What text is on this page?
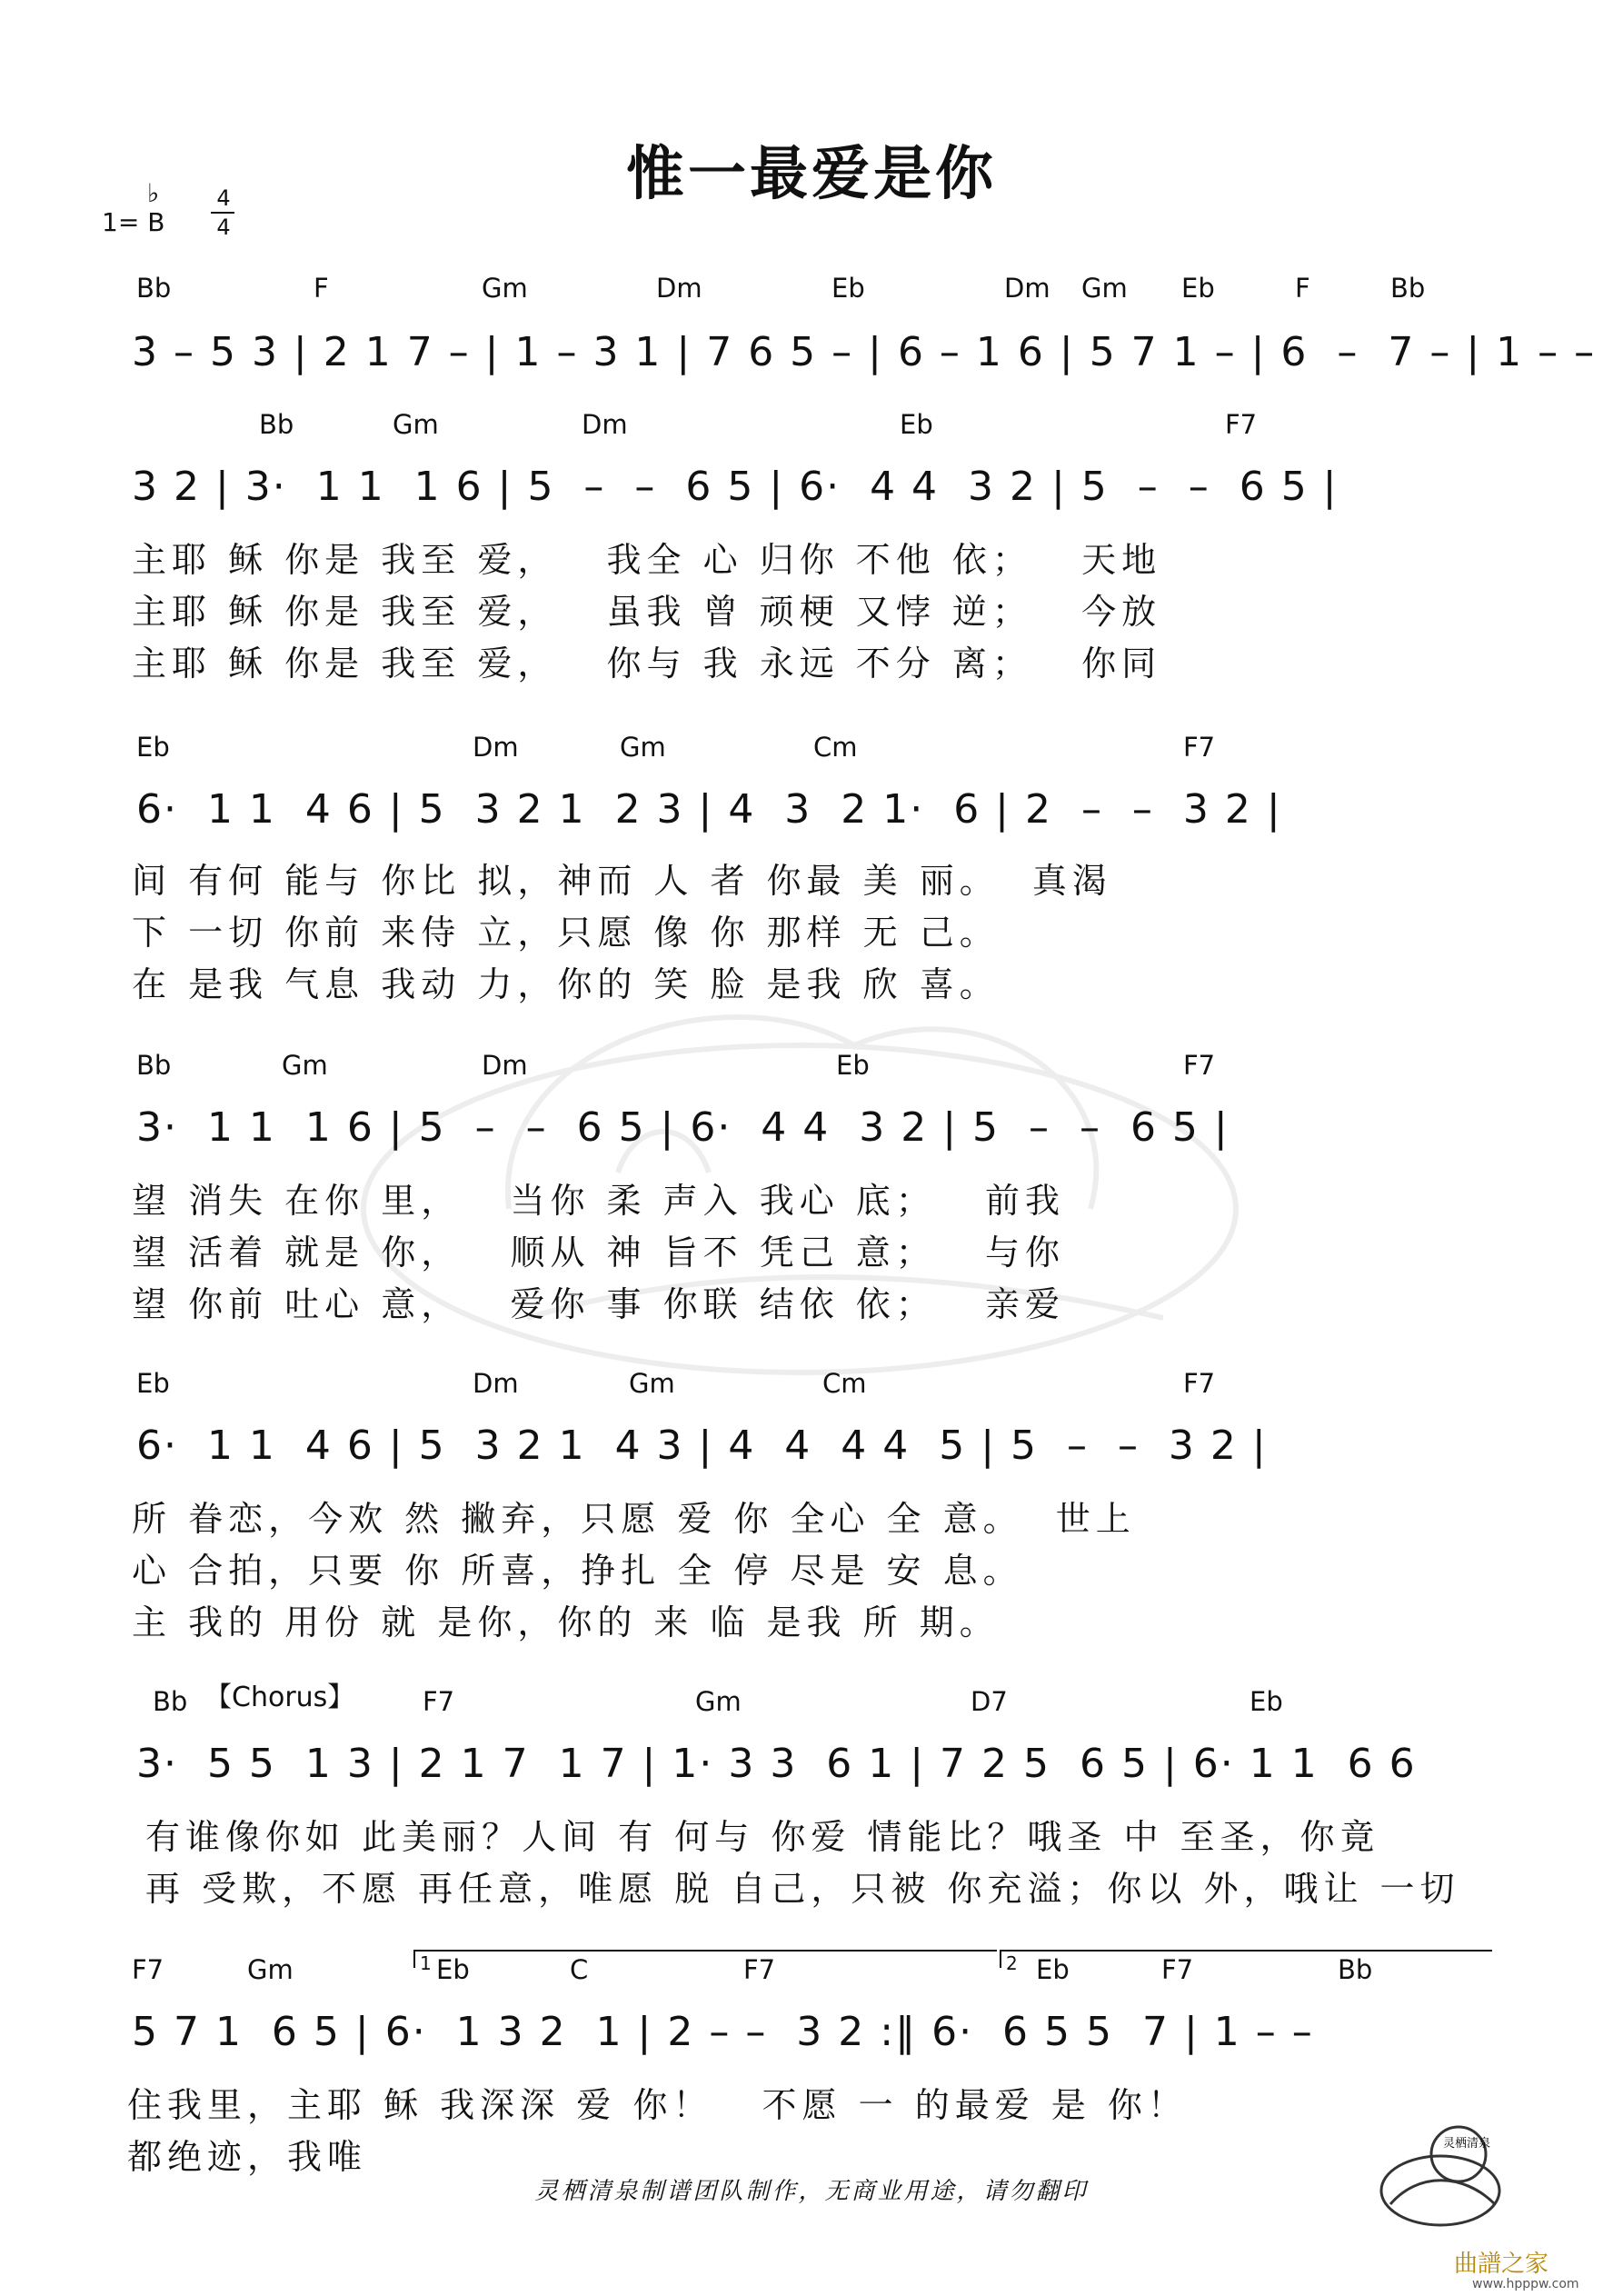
惟一最爱是你
1= B
♭	4
4
Bb	F	Gm	Dm	Eb	Dm Gm Eb	F	Bb
3 – 5 3 | 2 1 7 – | 1 – 3 1 | 7 6 5 – | 6 – 1 6 | 5 7 1 – | 6  –  7 – | 1 – –
Bb	Gm	Dm	Eb	F7
3 2 | 3·  1 1  1 6 | 5  –  –  6 5 | 6·  4 4  3 2 | 5  –  –  6 5 |
主耶 稣 你是 我至 爱，   我全 心 归你 不他 依；   天地
主耶 稣 你是 我至 爱，   虽我 曾 顽梗 又悖 逆；   今放
主耶 稣 你是 我至 爱，   你与 我 永远 不分 离；   你同
Eb	Dm	Gm	Cm	F7
6·  1 1  4 6 | 5  3 2 1  2 3 | 4  3  2 1·  6 | 2  –  –  3 2 |
间 有何 能与 你比 拟，神而 人 者 你最 美 丽。  真渴
下 一切 你前 来侍 立，只愿 像 你 那样 无 己。
在 是我 气息 我动 力，你的 笑 脸 是我 欣 喜。
Bb	Gm	Dm	Eb	F7
3·  1 1  1 6 | 5  –  –  6 5 | 6·  4 4  3 2 | 5  –  –  6 5 |
望 消失 在你 里，   当你 柔 声入 我心 底；   前我
望 活着 就是 你，   顺从 神 旨不 凭己 意；   与你
望 你前 吐心 意，   爱你 事 你联 结依 依；   亲爱
Eb	Dm	Gm	Cm	F7
6·  1 1  4 6 | 5  3 2 1  4 3 | 4  4  4 4  5 | 5  –  –  3 2 |
所 眷恋，今欢 然 撇弃，只愿 爱 你 全心 全 意。  世上
心 合拍，只要 你 所喜，挣扎 全 停 尽是 安 息。
主 我的 用份 就 是你，你的 来 临 是我 所 期。
Bb 【Chorus】	F7	Gm	D7	Eb
3·  5 5  1 3 | 2 1 7  1 7 | 1· 3 3  6 1 | 7 2 5  6 5 | 6· 1 1  6 6
有谁像你如 此美丽？人间 有 何与 你爱 情能比？哦圣 中 至圣，你竟
再 受欺，不愿 再任意，唯愿 脱 自己，只被 你充溢；你以 外，哦让 一切
F7	Gm	Eb	C	F7	Eb	F7	Bb
1	2
5 7 1  6 5 | 6·  1 3 2  1 | 2 – –  3 2 :‖ 6·  6 5 5  7 | 1 – –
住我里，主耶 稣 我深深 爱 你！   不愿 一 的最爱 是 你！
都绝迹，我唯
灵栖清泉制谱团队制作，无商业用途，请勿翻印
灵栖清泉
曲譜之家
www.hpppw.com
